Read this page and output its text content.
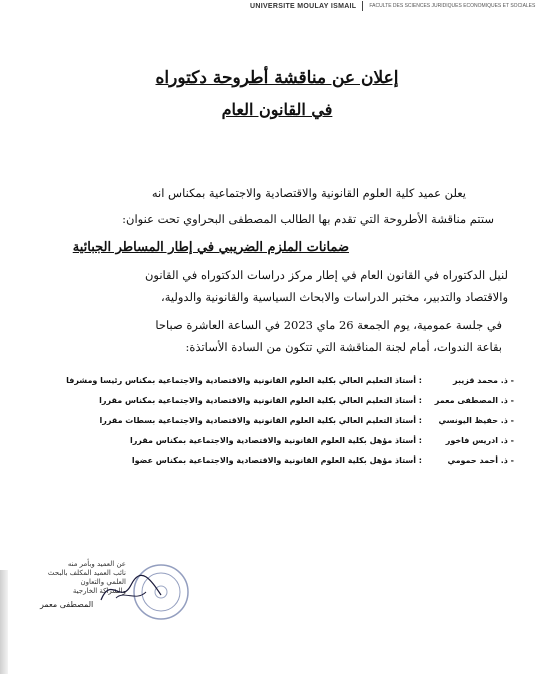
UNIVERSITE MOULAY ISMAIL	FACULTE DES SCIENCES JURIDIQUES ECONOMIQUES ET SOCIALES
إعلان عن مناقشة أطروحة دكتوراه
في القانون العام
يعلن عميد كلية العلوم القانونية والاقتصادية والاجتماعية بمكناس انه
ستتم مناقشة الأطروحة التي تقدم بها الطالب المصطفى البحراوي تحت عنوان:
ضمانات الملزم الضريبي في إطار المساطر الجبائية
لنيل الدكتوراه في القانون العام في إطار مركز دراسات الدكتوراه في القانون
والاقتصاد والتدبير، مختبر الدراسات والابحاث السياسية والقانونية والدولية،
في جلسة عمومية، يوم الجمعة 26 ماي 2023 في الساعة العاشرة صباحا
بقاعة الندوات، أمام لجنة المناقشة التي تتكون من السادة الأساتذة:
- ذ. محمد قزيبر: أستاذ التعليم العالي بكلية العلوم القانونية والاقتصادية والاجتماعية بمكناس رئيسا ومشرفا
- ذ. المصطفى معمر: أستاذ التعليم العالي بكلية العلوم القانونية والاقتصادية والاجتماعية بمكناس مقررا
- ذ. حفيظ اليونسي: أستاذ التعليم العالي بكلية العلوم القانونية والاقتصادية والاجتماعية بسطات مقررا
- ذ. ادريس فاخور: أستاذ مؤهل بكلية العلوم القانونية والاقتصادية والاجتماعية بمكناس مقررا
- ذ. أحمد حمومي: أستاذ مؤهل بكلية العلوم القانونية والاقتصادية والاجتماعية بمكناس عضوا
عن العميد وبأمر منه
نائب العميد المكلف بالبحث
العلمي والتعاون
والشراكة الخارجية
المصطفى معمر
